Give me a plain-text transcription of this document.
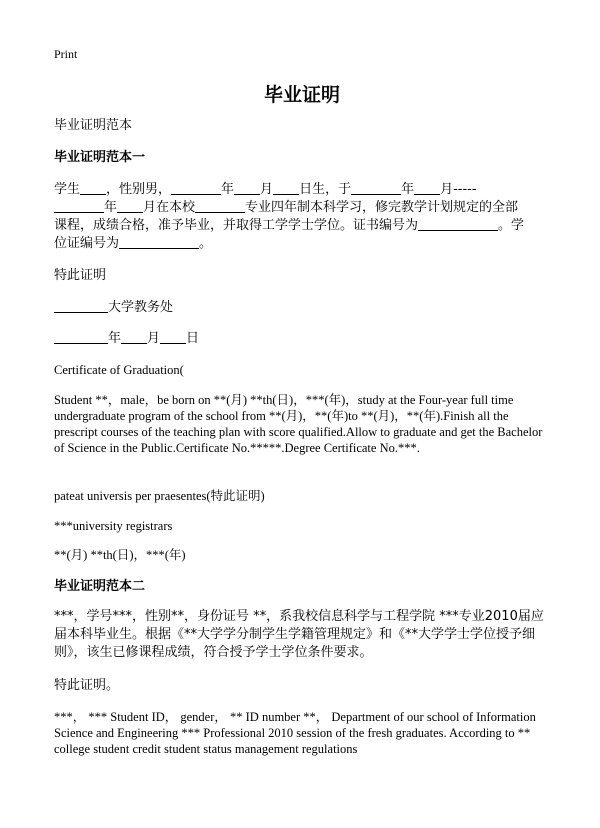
Print
毕业证明

毕业证明范本

毕业证明范本一

学生 ，性别男，	年 月 日生，于	年 月-----
年 月在本校	专业四年制本科学习，修完教学计划规定的全部
课程，成绩合格，准予毕业，并取得工学学士学位。证书编号为	。学
位证编号为	。

特此证明

大学教务处
年 月 日

Certificate of Graduation(

Student **，male，be born on **(月) **th(日)，***(年)，study at the Four-year full time undergraduate program of the school from **(月)，**(年)to **(月)，**(年).Finish all the prescript courses of the teaching plan with score qualified.Allow to graduate and get the Bachelor of Science in the Public.Certificate No.*****.Degree Certificate No.***.

pateat universis per praesentes(特此证明)

***university registrars

**(月) **th(日)，***(年)

毕业证明范本二

***，学号***，性别**，身份证号 **，系我校信息科学与工程学院 ***专业2010届应届本科毕业生。根据《**大学学分制学生学籍管理规定》和《**大学学士学位授予细则》，该生已修课程成绩，符合授予学士学位条件要求。

特此证明。

***， *** Student ID， gender， ** ID number **， Department of our school of Information Science and Engineering *** Professional 2010 session of the fresh graduates. According to ** college student credit student status management regulations
